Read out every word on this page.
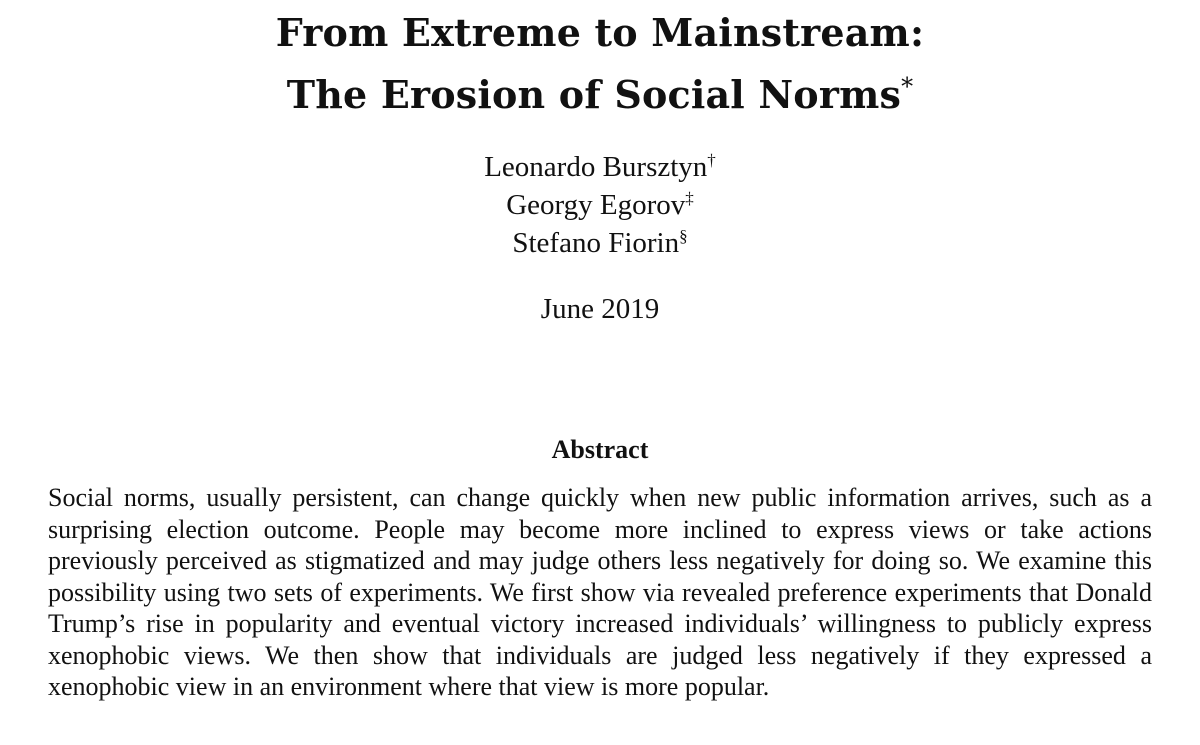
From Extreme to Mainstream:
The Erosion of Social Norms*
Leonardo Bursztyn†
Georgy Egorov‡
Stefano Fiorin§
June 2019
Abstract
Social norms, usually persistent, can change quickly when new public information arrives, such as a surprising election outcome. People may become more inclined to express views or take actions previously perceived as stigmatized and may judge others less negatively for doing so. We examine this possibility using two sets of experiments. We first show via revealed preference experiments that Donald Trump’s rise in popularity and eventual victory increased individuals’ willingness to publicly express xenophobic views. We then show that individuals are judged less negatively if they expressed a xenophobic view in an environment where that view is more popular.
